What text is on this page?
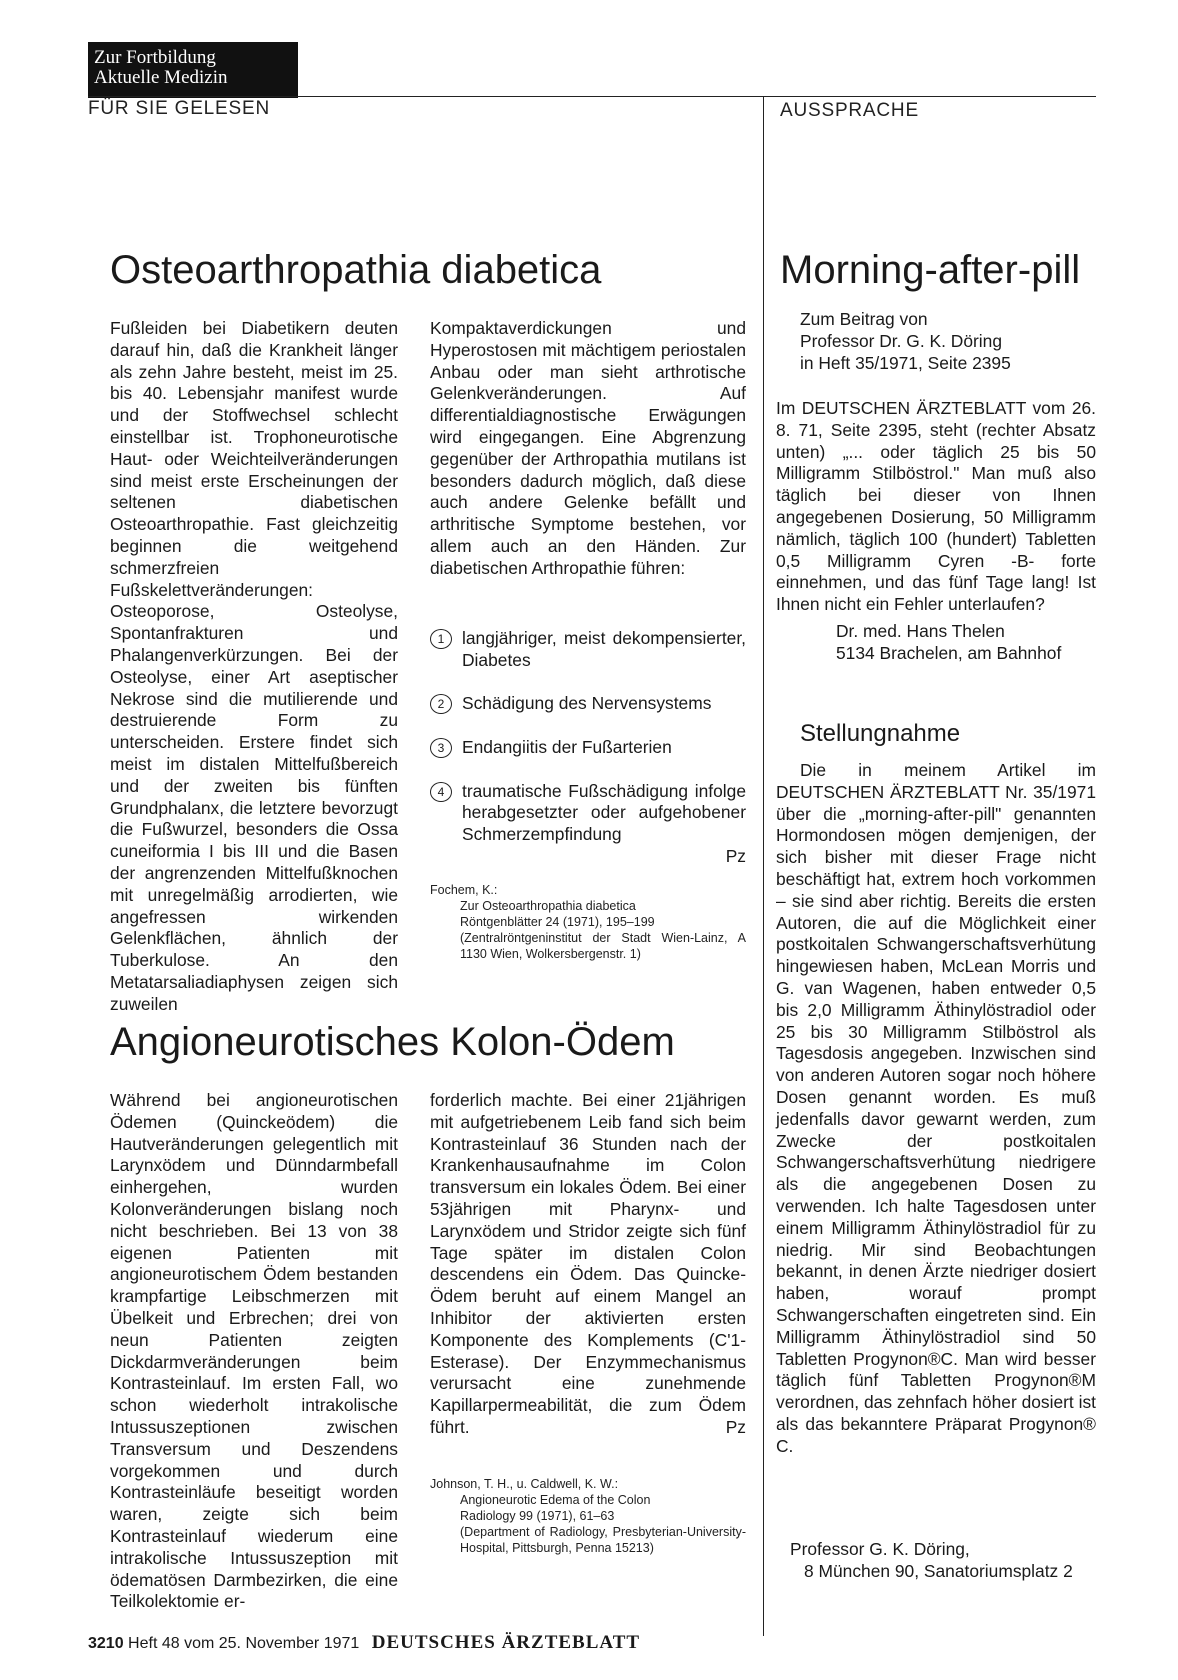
Zur Fortbildung
Aktuelle Medizin
FÜR SIE GELESEN	AUSSPRACHE
Osteoarthropathia diabetica

Fußleiden bei Diabetikern deuten darauf hin, daß die Krankheit länger als zehn Jahre besteht, meist im 25. bis 40. Lebensjahr manifest wurde und der Stoffwechsel schlecht einstellbar ist. Trophoneurotische Haut- oder Weichteilveränderungen sind meist erste Erscheinungen der seltenen diabetischen Osteoarthropathie. Fast gleichzeitig beginnen die weitgehend schmerzfreien Fußskelettveränderungen: Osteoporose, Osteolyse, Spontanfrakturen und Phalangenverkürzungen. Bei der Osteolyse, einer Art aseptischer Nekrose sind die mutilierende und destruierende Form zu unterscheiden. Erstere findet sich meist im distalen Mittelfußbereich und der zweiten bis fünften Grundphalanx, die letztere bevorzugt die Fußwurzel, besonders die Ossa cuneiformia I bis III und die Basen der angrenzenden Mittelfußknochen mit unregelmäßig arrodierten, wie angefressen wirkenden Gelenkflächen, ähnlich der Tuberkulose. An den Metatarsaliadiaphysen zeigen sich zuweilen

Kompaktaverdickungen und Hyperostosen mit mächtigem periostalen Anbau oder man sieht arthrotische Gelenkveränderungen. Auf differentialdiagnostische Erwägungen wird eingegangen. Eine Abgrenzung gegenüber der Arthropathia mutilans ist besonders dadurch möglich, daß diese auch andere Gelenke befällt und arthritische Symptome bestehen, vor allem auch an den Händen. Zur diabetischen Arthropathie führen:

1	langjähriger, meist dekompensierter, Diabetes
2	Schädigung des Nervensystems
3	Endangiitis der Fußarterien
4	traumatische Fußschädigung infolge herabgesetzter oder aufgehobener Schmerzempfindung
Pz
Fochem, K.:
Zur Osteoarthropathia diabetica
Röntgenblätter 24 (1971), 195–199
(Zentralröntgeninstitut der Stadt Wien-Lainz, A 1130 Wien, Wolkersbergenstr. 1)
Angioneurotisches Kolon-Ödem

Während bei angioneurotischen Ödemen (Quinckeödem) die Hautveränderungen gelegentlich mit Larynxödem und Dünndarmbefall einhergehen, wurden Kolonveränderungen bislang noch nicht beschrieben. Bei 13 von 38 eigenen Patienten mit angioneurotischem Ödem bestanden krampfartige Leibschmerzen mit Übelkeit und Erbrechen; drei von neun Patienten zeigten Dickdarmveränderungen beim Kontrasteinlauf. Im ersten Fall, wo schon wiederholt intrakolische Intussuszeptionen zwischen Transversum und Deszendens vorgekommen und durch Kontrasteinläufe beseitigt worden waren, zeigte sich beim Kontrasteinlauf wiederum eine intrakolische Intussuszeption mit ödematösen Darmbezirken, die eine Teilkolektomie er-

forderlich machte. Bei einer 21jährigen mit aufgetriebenem Leib fand sich beim Kontrasteinlauf 36 Stunden nach der Krankenhausaufnahme im Colon transversum ein lokales Ödem. Bei einer 53jährigen mit Pharynx- und Larynxödem und Stridor zeigte sich fünf Tage später im distalen Colon descendens ein Ödem. Das Quincke-Ödem beruht auf einem Mangel an Inhibitor der aktivierten ersten Komponente des Komplements (C'1-Esterase). Der Enzymmechanismus verursacht eine zunehmende Kapillarpermeabilität, die zum Ödem führt.	Pz
Johnson, T. H., u. Caldwell, K. W.:
Angioneurotic Edema of the Colon
Radiology 99 (1971), 61–63
(Department of Radiology, Presbyterian-University-Hospital, Pittsburgh, Penna 15213)
Morning-after-pill
Zum Beitrag von
Professor Dr. G. K. Döring
in Heft 35/1971, Seite 2395

Im DEUTSCHEN ÄRZTEBLATT vom 26. 8. 71, Seite 2395, steht (rechter Absatz unten) „... oder täglich 25 bis 50 Milligramm Stilböstrol." Man muß also täglich bei dieser von Ihnen angegebenen Dosierung, 50 Milligramm nämlich, täglich 100 (hundert) Tabletten 0,5 Milligramm Cyren -B- forte einnehmen, und das fünf Tage lang! Ist Ihnen nicht ein Fehler unterlaufen?

Dr. med. Hans Thelen
5134 Brachelen, am Bahnhof
Stellungnahme

Die in meinem Artikel im DEUTSCHEN ÄRZTEBLATT Nr. 35/1971 über die „morning-after-pill" genannten Hormondosen mögen demjenigen, der sich bisher mit dieser Frage nicht beschäftigt hat, extrem hoch vorkommen – sie sind aber richtig. Bereits die ersten Autoren, die auf die Möglichkeit einer postkoitalen Schwangerschaftsverhütung hingewiesen haben, McLean Morris und G. van Wagenen, haben entweder 0,5 bis 2,0 Milligramm Äthinylöstradiol oder 25 bis 30 Milligramm Stilböstrol als Tagesdosis angegeben. Inzwischen sind von anderen Autoren sogar noch höhere Dosen genannt worden. Es muß jedenfalls davor gewarnt werden, zum Zwecke der postkoitalen Schwangerschaftsverhütung niedrigere als die angegebenen Dosen zu verwenden. Ich halte Tagesdosen unter einem Milligramm Äthinylöstradiol für zu niedrig. Mir sind Beobachtungen bekannt, in denen Ärzte niedriger dosiert haben, worauf prompt Schwangerschaften eingetreten sind. Ein Milligramm Äthinylöstradiol sind 50 Tabletten Progynon®C. Man wird besser täglich fünf Tabletten Progynon®M verordnen, das zehnfach höher dosiert ist als das bekanntere Präparat Progynon® C.

Professor G. K. Döring,
8 München 90, Sanatoriumsplatz 2
3210 Heft 48 vom 25. November 1971 DEUTSCHES ÄRZTEBLATT
